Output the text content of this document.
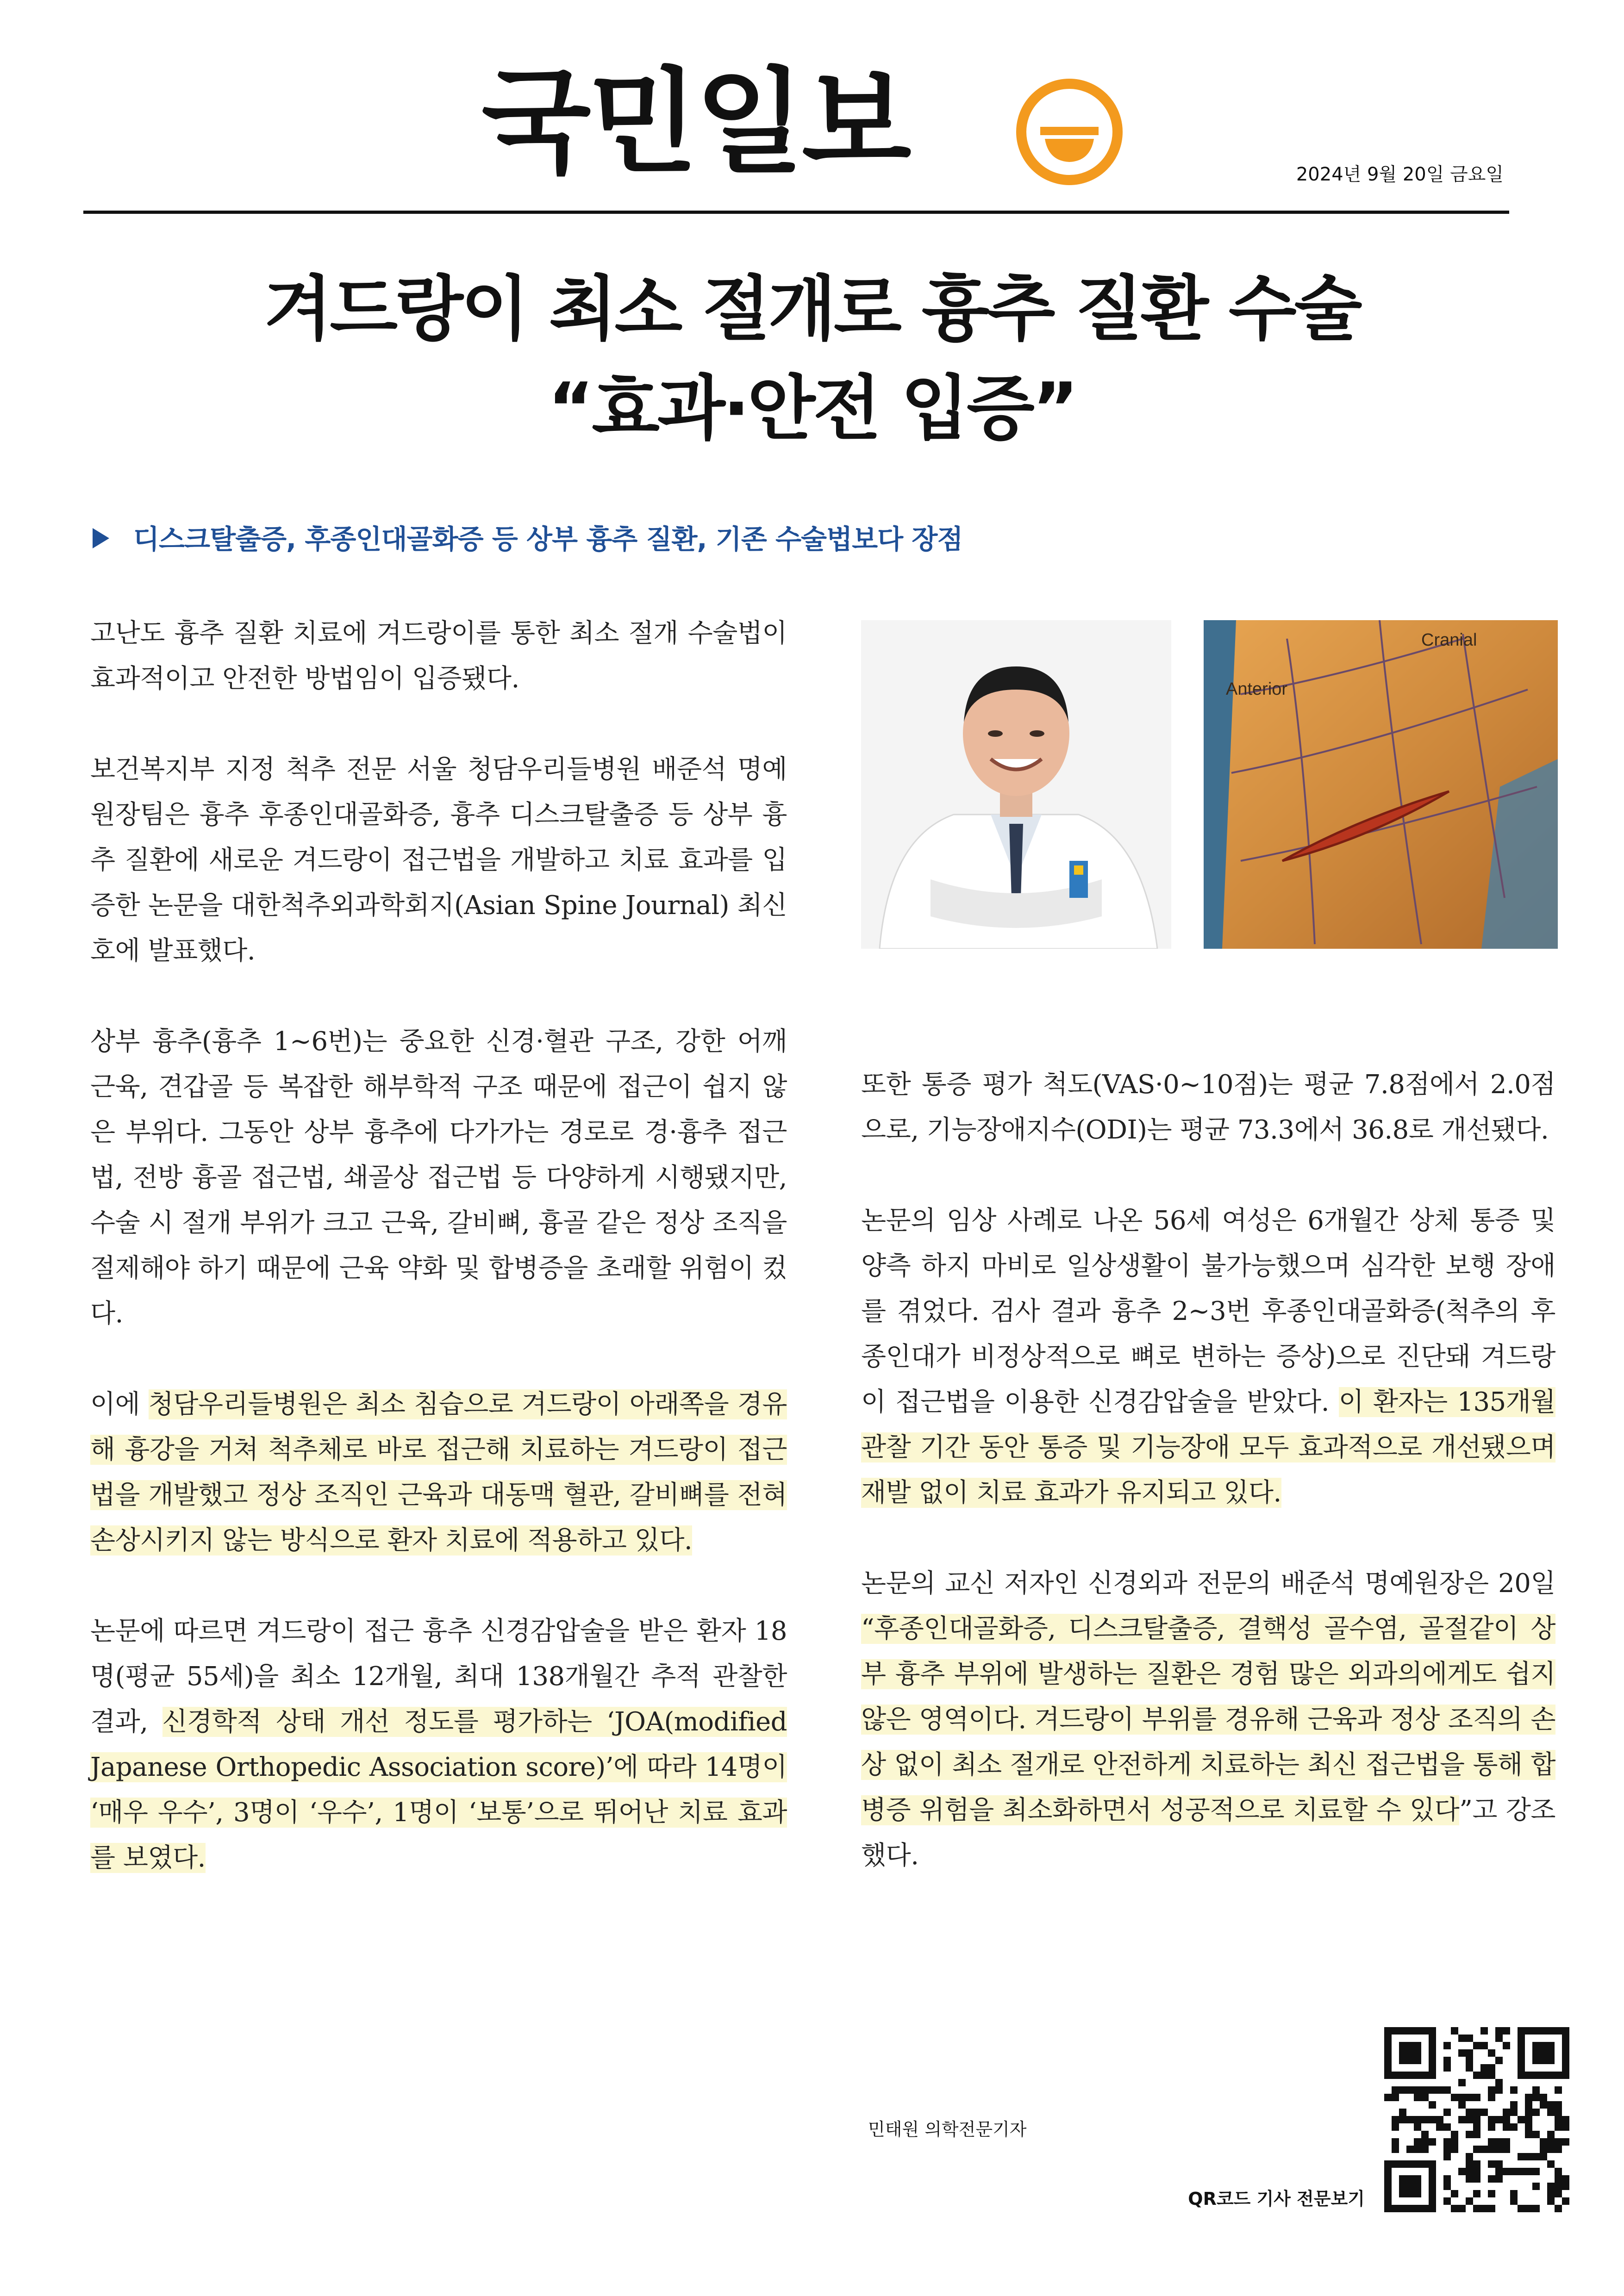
국민일보	2024년 9월 20일 금요일
겨드랑이 최소 절개로 흉추 질환 수술
“효과·안전 입증”
디스크탈출증, 후종인대골화증 등 상부 흉추 질환, 기존 수술법보다 장점

고난도 흉추 질환 치료에 겨드랑이를 통한 최소 절개 수술법이 효과적이고 안전한 방법임이 입증됐다.

보건복지부 지정 척추 전문 서울 청담우리들병원 배준석 명예원장팀은 흉추 후종인대골화증, 흉추 디스크탈출증 등 상부 흉추 질환에 새로운 겨드랑이 접근법을 개발하고 치료 효과를 입증한 논문을 대한척추외과학회지(Asian Spine Journal) 최신호에 발표했다.

상부 흉추(흉추 1~6번)는 중요한 신경·혈관 구조, 강한 어깨 근육, 견갑골 등 복잡한 해부학적 구조 때문에 접근이 쉽지 않은 부위다. 그동안 상부 흉추에 다가가는 경로로 경·흉추 접근법, 전방 흉골 접근법, 쇄골상 접근법 등 다양하게 시행됐지만, 수술 시 절개 부위가 크고 근육, 갈비뼈, 흉골 같은 정상 조직을 절제해야 하기 때문에 근육 약화 및 합병증을 초래할 위험이 컸다.

이에 청담우리들병원은 최소 침습으로 겨드랑이 아래쪽을 경유해 흉강을 거쳐 척추체로 바로 접근해 치료하는 겨드랑이 접근법을 개발했고 정상 조직인 근육과 대동맥 혈관, 갈비뼈를 전혀 손상시키지 않는 방식으로 환자 치료에 적용하고 있다.

논문에 따르면 겨드랑이 접근 흉추 신경감압술을 받은 환자 18명(평균 55세)을 최소 12개월, 최대 138개월간 추적 관찰한 결과, 신경학적 상태 개선 정도를 평가하는 ‘JOA(modified Japanese Orthopedic Association score)’에 따라 14명이 ‘매우 우수’, 3명이 ‘우수’, 1명이 ‘보통’으로 뛰어난 치료 효과를 보였다.

Cranial
Anterior

또한 통증 평가 척도(VAS·0~10점)는 평균 7.8점에서 2.0점으로, 기능장애지수(ODI)는 평균 73.3에서 36.8로 개선됐다.

논문의 임상 사례로 나온 56세 여성은 6개월간 상체 통증 및 양측 하지 마비로 일상생활이 불가능했으며 심각한 보행 장애를 겪었다. 검사 결과 흉추 2~3번 후종인대골화증(척추의 후종인대가 비정상적으로 뼈로 변하는 증상)으로 진단돼 겨드랑이 접근법을 이용한 신경감압술을 받았다. 이 환자는 135개월 관찰 기간 동안 통증 및 기능장애 모두 효과적으로 개선됐으며 재발 없이 치료 효과가 유지되고 있다.

논문의 교신 저자인 신경외과 전문의 배준석 명예원장은 20일 “후종인대골화증, 디스크탈출증, 결핵성 골수염, 골절같이 상부 흉추 부위에 발생하는 질환은 경험 많은 외과의에게도 쉽지 않은 영역이다. 겨드랑이 부위를 경유해 근육과 정상 조직의 손상 없이 최소 절개로 안전하게 치료하는 최신 접근법을 통해 합병증 위험을 최소화하면서 성공적으로 치료할 수 있다”고 강조했다.

민태원 의학전문기자
QR코드 기사 전문보기
